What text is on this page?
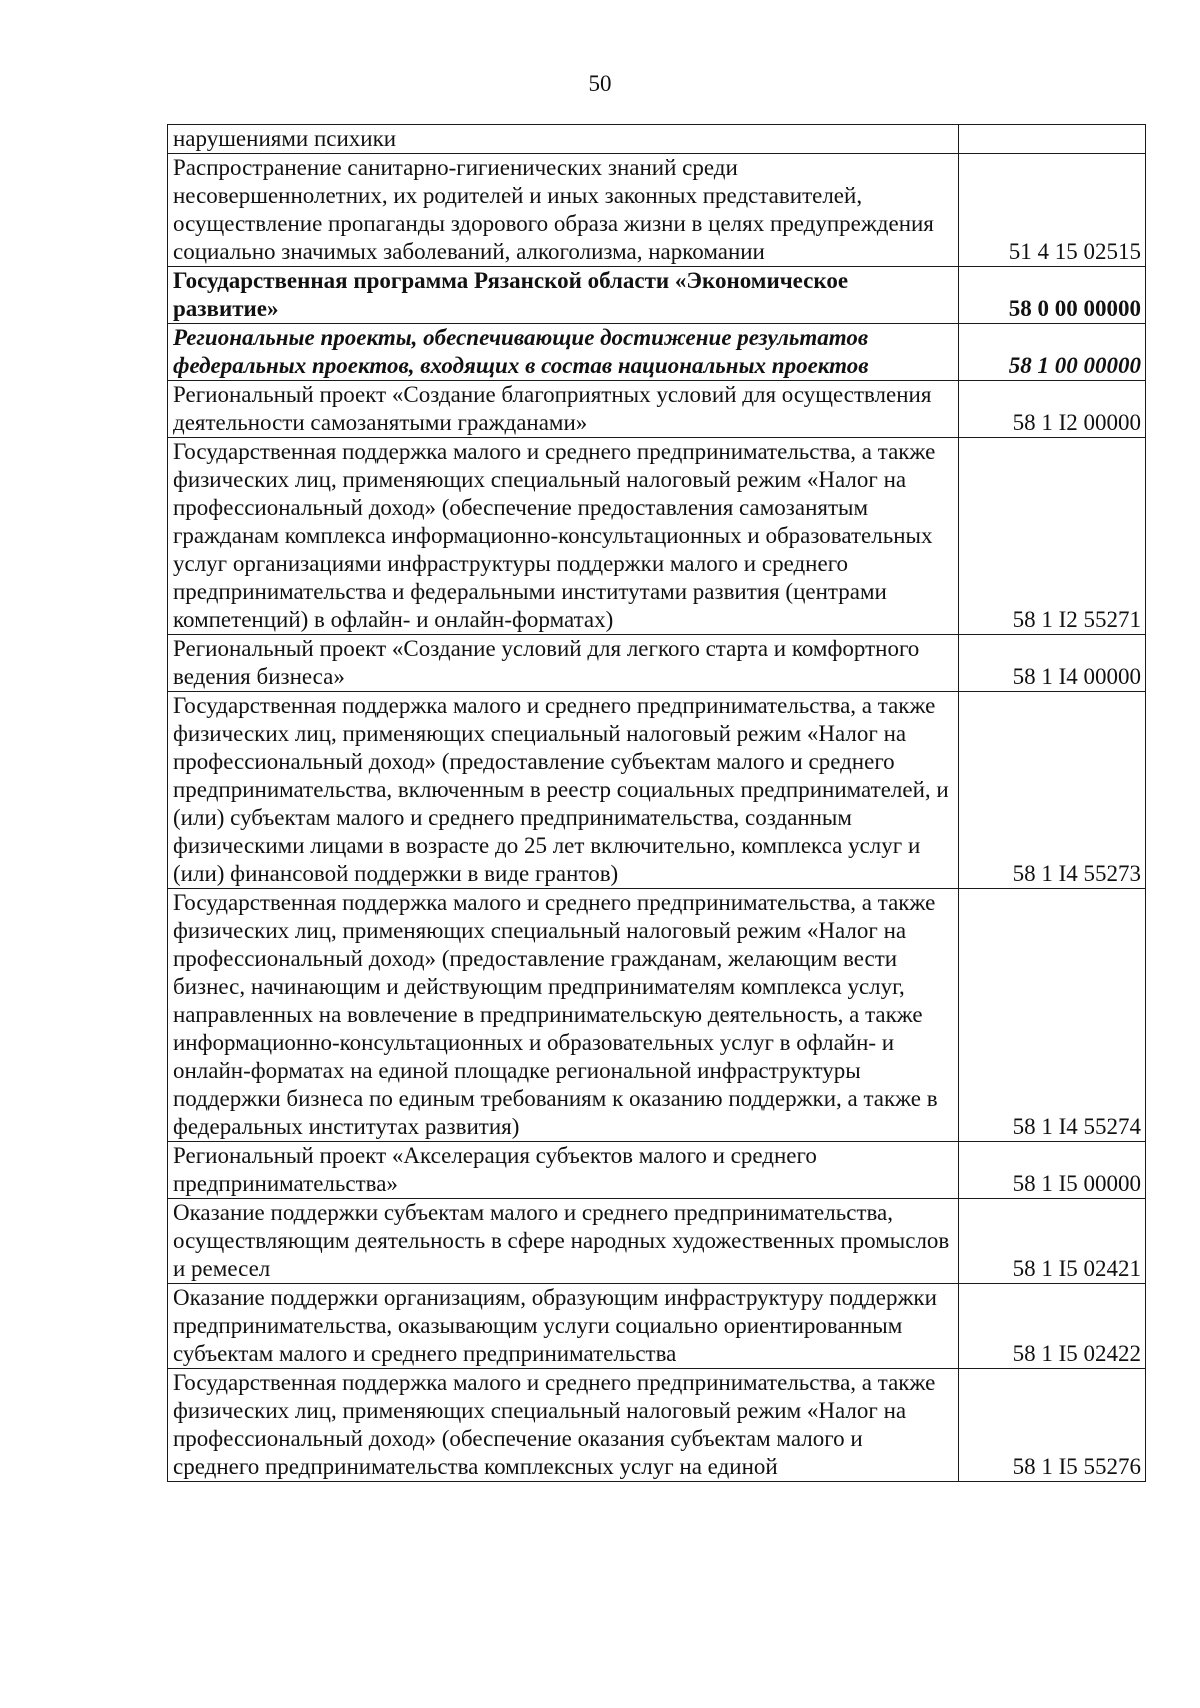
50
нарушениями психики	
Распространение санитарно-гигиенических знаний среди несовершеннолетних, их родителей и иных законных представителей, осуществление пропаганды здорового образа жизни в целях предупреждения социально значимых заболеваний, алкоголизма, наркомании	51 4 15 02515
Государственная программа Рязанской области «Экономическое развитие»	58 0 00 00000
Региональные проекты, обеспечивающие достижение результатов федеральных проектов, входящих в состав национальных проектов	58 1 00 00000
Региональный проект «Создание благоприятных условий для осуществления деятельности самозанятыми гражданами»	58 1 I2 00000
Государственная поддержка малого и среднего предпринимательства, а также физических лиц, применяющих специальный налоговый режим «Налог на профессиональный доход» (обеспечение предоставления самозанятым гражданам комплекса информационно-консультационных и образовательных услуг организациями инфраструктуры поддержки малого и среднего предпринимательства и федеральными институтами развития (центрами компетенций) в офлайн- и онлайн-форматах)	58 1 I2 55271
Региональный проект «Создание условий для легкого старта и комфортного ведения бизнеса»	58 1 I4 00000
Государственная поддержка малого и среднего предпринимательства, а также физических лиц, применяющих специальный налоговый режим «Налог на профессиональный доход» (предоставление субъектам малого и среднего предпринимательства, включенным в реестр социальных предпринимателей, и (или) субъектам малого и среднего предпринимательства, созданным физическими лицами в возрасте до 25 лет включительно, комплекса услуг и (или) финансовой поддержки в виде грантов)	58 1 I4 55273
Государственная поддержка малого и среднего предпринимательства, а также физических лиц, применяющих специальный налоговый режим «Налог на профессиональный доход» (предоставление гражданам, желающим вести бизнес, начинающим и действующим предпринимателям комплекса услуг, направленных на вовлечение в предпринимательскую деятельность, а также информационно-консультационных и образовательных услуг в офлайн- и онлайн-форматах на единой площадке региональной инфраструктуры поддержки бизнеса по единым требованиям к оказанию поддержки, а также в федеральных институтах развития)	58 1 I4 55274
Региональный проект «Акселерация субъектов малого и среднего предпринимательства»	58 1 I5 00000
Оказание поддержки субъектам малого и среднего предпринимательства, осуществляющим деятельность в сфере народных художественных промыслов и ремесел	58 1 I5 02421
Оказание поддержки организациям, образующим инфраструктуру поддержки предпринимательства, оказывающим услуги социально ориентированным субъектам малого и среднего предпринимательства	58 1 I5 02422
Государственная поддержка малого и среднего предпринимательства, а также физических лиц, применяющих специальный налоговый режим «Налог на профессиональный доход» (обеспечение оказания субъектам малого и среднего предпринимательства комплексных услуг на единой	58 1 I5 55276
